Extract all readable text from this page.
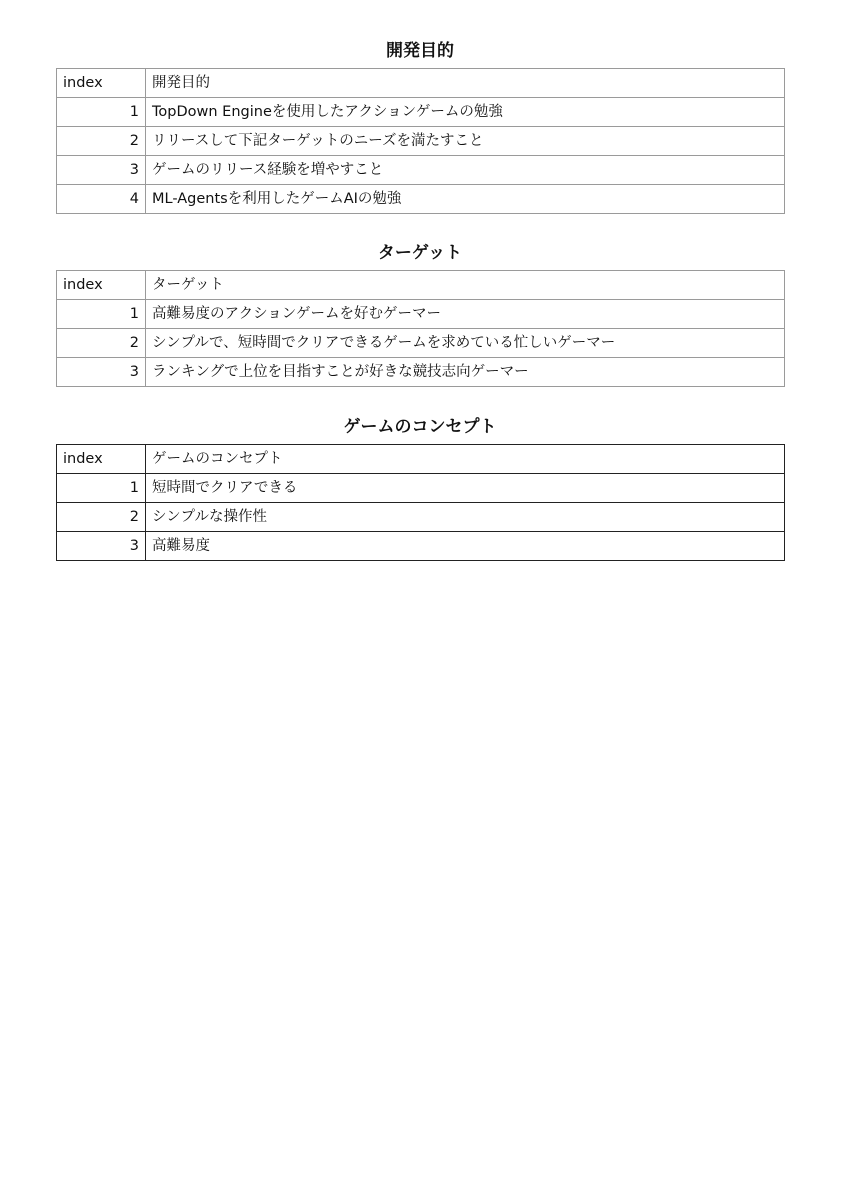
開発目的
index	開発目的
1	TopDown Engineを使用したアクションゲームの勉強
2	リリースして下記ターゲットのニーズを満たすこと
3	ゲームのリリース経験を増やすこと
4	ML-Agentsを利用したゲームAIの勉強
ターゲット
index	ターゲット
1	高難易度のアクションゲームを好むゲーマー
2	シンプルで、短時間でクリアできるゲームを求めている忙しいゲーマー
3	ランキングで上位を目指すことが好きな競技志向ゲーマー
ゲームのコンセプト
index	ゲームのコンセプト
1	短時間でクリアできる
2	シンプルな操作性
3	高難易度
